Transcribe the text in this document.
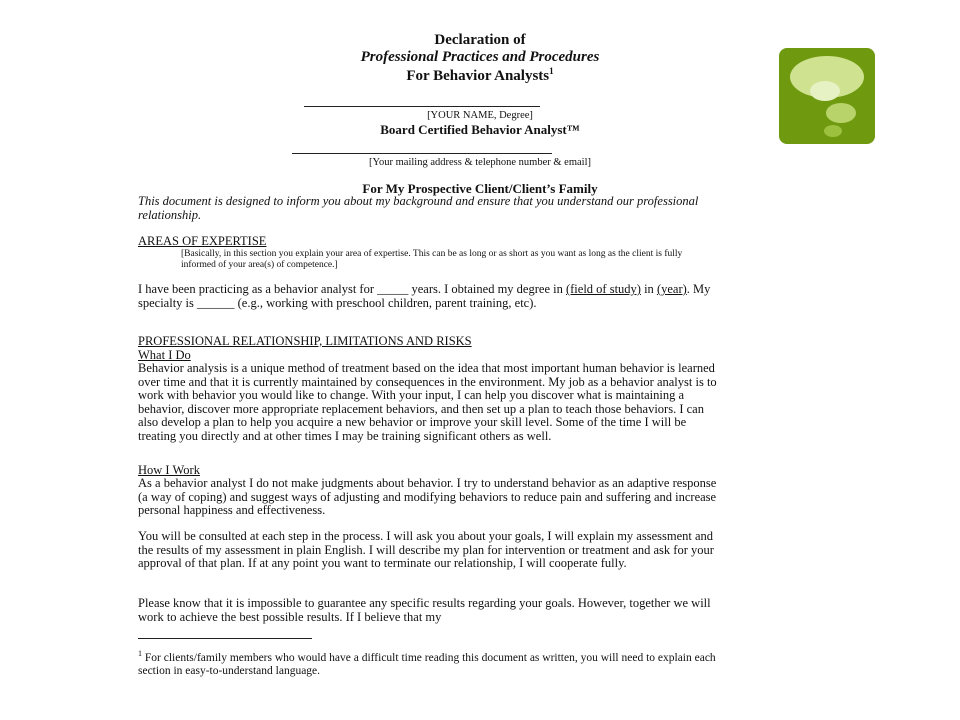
Declaration of
Professional Practices and Procedures
For Behavior Analysts$^1$
[YOUR NAME, Degree]
Board Certified Behavior Analyst™
[Your mailing address & telephone number & email]
For My Prospective Client/Client’s Family
This document is designed to inform you about my background and ensure that you understand our professional relationship.
AREAS OF EXPERTISE
[Basically, in this section you explain your area of expertise. This can be as long or as short as you want as long as the client is fully informed of your area(s) of competence.]
I have been practicing as a behavior analyst for _____ years. I obtained my degree in (field of study) in (year). My specialty is ______ (e.g., working with preschool children, parent training, etc).
PROFESSIONAL RELATIONSHIP, LIMITATIONS AND RISKS
What I Do
Behavior analysis is a unique method of treatment based on the idea that most important human behavior is learned over time and that it is currently maintained by consequences in the environment. My job as a behavior analyst is to work with behavior you would like to change. With your input, I can help you discover what is maintaining a behavior, discover more appropriate replacement behaviors, and then set up a plan to teach those behaviors. I can also develop a plan to help you acquire a new behavior or improve your skill level. Some of the time I will be treating you directly and at other times I may be training significant others as well.
How I Work
As a behavior analyst I do not make judgments about behavior. I try to understand behavior as an adaptive response (a way of coping) and suggest ways of adjusting and modifying behaviors to reduce pain and suffering and increase personal happiness and effectiveness.
You will be consulted at each step in the process. I will ask you about your goals, I will explain my assessment and the results of my assessment in plain English. I will describe my plan for intervention or treatment and ask for your approval of that plan. If at any point you want to terminate our relationship, I will cooperate fully.
Please know that it is impossible to guarantee any specific results regarding your goals. However, together we will work to achieve the best possible results. If I believe that my
$^1$ For clients/family members who would have a difficult time reading this document as written, you will need to explain each section in easy-to-understand language.
